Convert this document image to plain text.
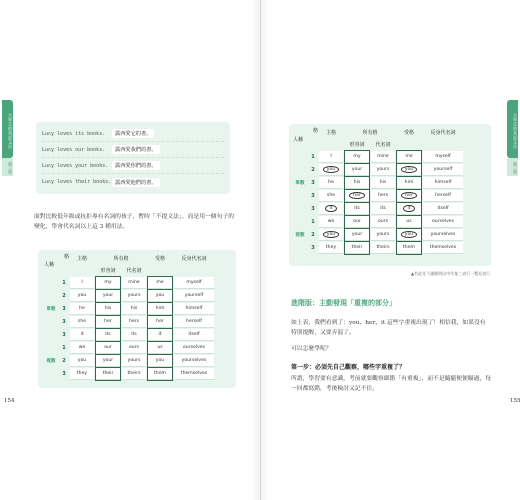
大學式的英語文法
第三章
Lucy loves its books.	露西愛它的書。
Lucy loves our books.	露西愛我們的書。
Lucy loves your books.	露西愛你們的書。
Lucy loves their books. 露西愛他們的書。
面對比較低年級或抗拒專有名詞的孩子，暫時「不提文法」，而是用一個句子的變化，學會代名詞以上這 3 種用法。
格
人稱
		主格	所有格		受格	反身代名詞
			形容詞	代名詞		
單數	1	I	my	mine	me	myself
	2	you	your	yours	you	yourself
	3	he	his	his	him	himself
	3	she	her	hers	her	herself
	3	it	its	its	it	itself
複數	1	we	our	ours	us	ourselves
	2	you	your	yours	you	yourselves
	3	they	their	theirs	them	themselves
154
大學式的英語文法
第三章
格
人稱
		主格	所有格		受格	反身代名詞
			形容詞	代名詞		
單數	1	I	my	mine	me	myself
	2	you	your	yours	you	yourself
	3	he	his	his	him	himself
	3	she	her	hers	her	herself
	3	it	its	its	it	itself
複數	1	we	our	ours	us	ourselves
	2	you	your	yours	you	yourselves
	3	they	their	theirs	them	themselves
▲有此先不讓標明出中代基三表行一覽見表行
進階版：主動發現「重複的部分」
如上表，我們看到了：you、her、it 這些字重複出現了！相信我，如果沒有特別提醒，又要弄混了。
可以怎麼學呢？
第一步：必須先自己觀察，哪些字重複了？
所謂，學習要有意識，考前就要觀察細節「有重複」，而不是隨隨便便瞄過，每一回都寫錯，考後檢討又記不住。
155
